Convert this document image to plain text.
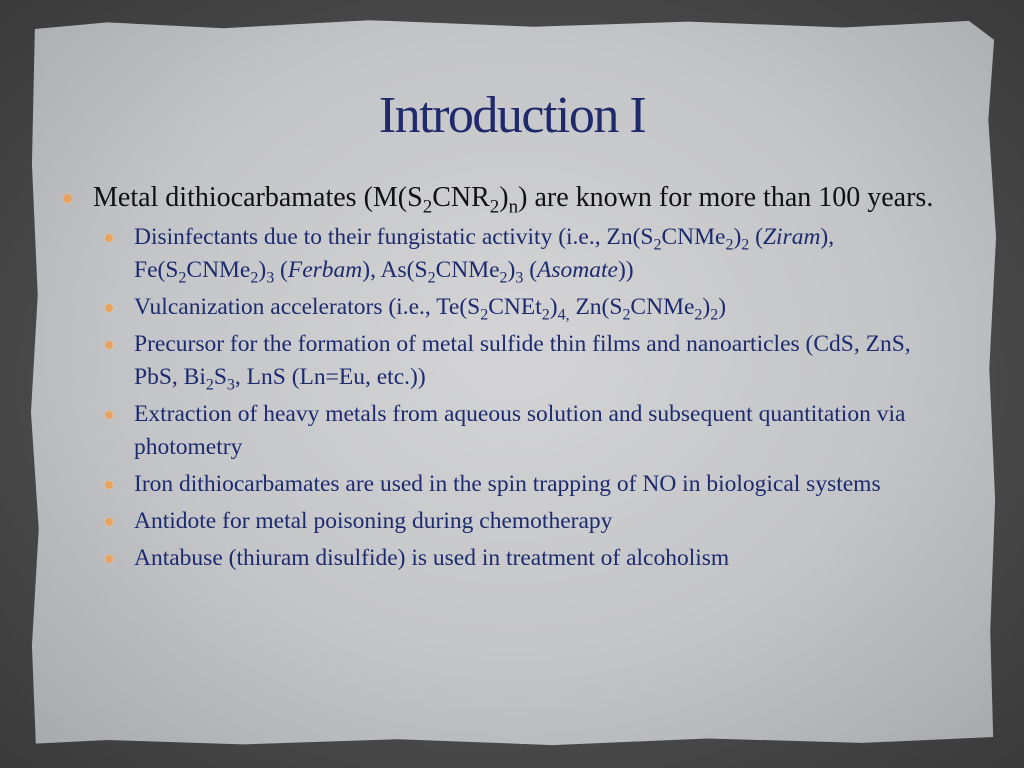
Introduction I
Metal dithiocarbamates $(M(S_2CNR_2)_n)$ are known for more than 100 years.
Disinfectants due to their fungistatic activity (i.e., $Zn(S_2CNMe_2)_2$ (Ziram), $Fe(S_2CNMe_2)_3$ (Ferbam), $As(S_2CNMe_2)_3$ (Asomate))
Vulcanization accelerators (i.e., $Te(S_2CNEt_2)_{4,}$ $Zn(S_2CNMe_2)_2$)
Precursor for the formation of metal sulfide thin films and nanoarticles (CdS, ZnS, PbS, $Bi_2S_3$, LnS (Ln=Eu, etc.))
Extraction of heavy metals from aqueous solution and subsequent quantitation via photometry
Iron dithiocarbamates are used in the spin trapping of NO in biological systems
Antidote for metal poisoning during chemotherapy
Antabuse (thiuram disulfide) is used in treatment of alcoholism
